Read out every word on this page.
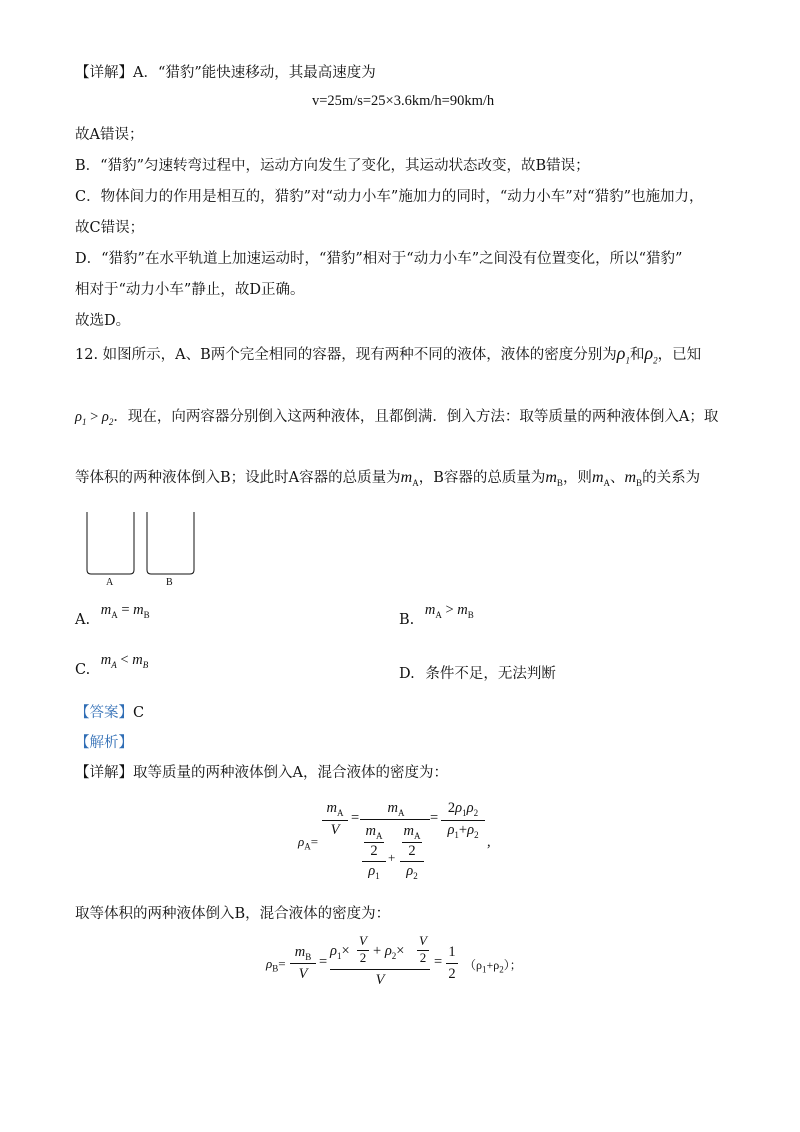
【详解】A．“猎豹”能快速移动，其最高速度为
v=25m/s=25×3.6km/h=90km/h
故A错误；
B．“猎豹”匀速转弯过程中，运动方向发生了变化，其运动状态改变，故B错误；
C．物体间力的作用是相互的，猎豹”对“动力小车”施加力的同时，“动力小车”对“猎豹”也施加力，
故C错误；
D．“猎豹”在水平轨道上加速运动时，“猎豹”相对于“动力小车”之间没有位置变化，所以“猎豹”
相对于“动力小车”静止，故D正确。
故选D。
12. 如图所示，A、B两个完全相同的容器，现有两种不同的液体，液体的密度分别为$\rho_1$和$\rho_2$，已知
$\rho_1 > \rho_2$．现在，向两容器分别倒入这两种液体，且都倒满．倒入方法：取等质量的两种液体倒入A；取
等体积的两种液体倒入B；设此时A容器的总质量为$m_A$，B容器的总质量为$m_B$，则$m_A$、$m_B$的关系为
A	B
A. $m_A = m_B$	B. $m_A > m_B$
C. $m_A < m_B$
D. 条件不足，无法判断
【答案】C
【解析】
【详解】取等质量的两种液体倒入A，混合液体的密度为：
$\rho_A=$
$m_A$
V
=
$m_A$
$m_A$
2
$\rho_1$
+
$m_A$
2
$\rho_2$
=
$2\rho_1\rho_2$
$\rho_1+\rho_2$ ,
取等体积的两种液体倒入B，混合液体的密度为：
$\rho_B=$
$m_B$
V
=
$\rho_1\times$
V
$2 + \rho_2\times$
V
2
V
=
1
2
$(\rho_1+\rho_2)$；
